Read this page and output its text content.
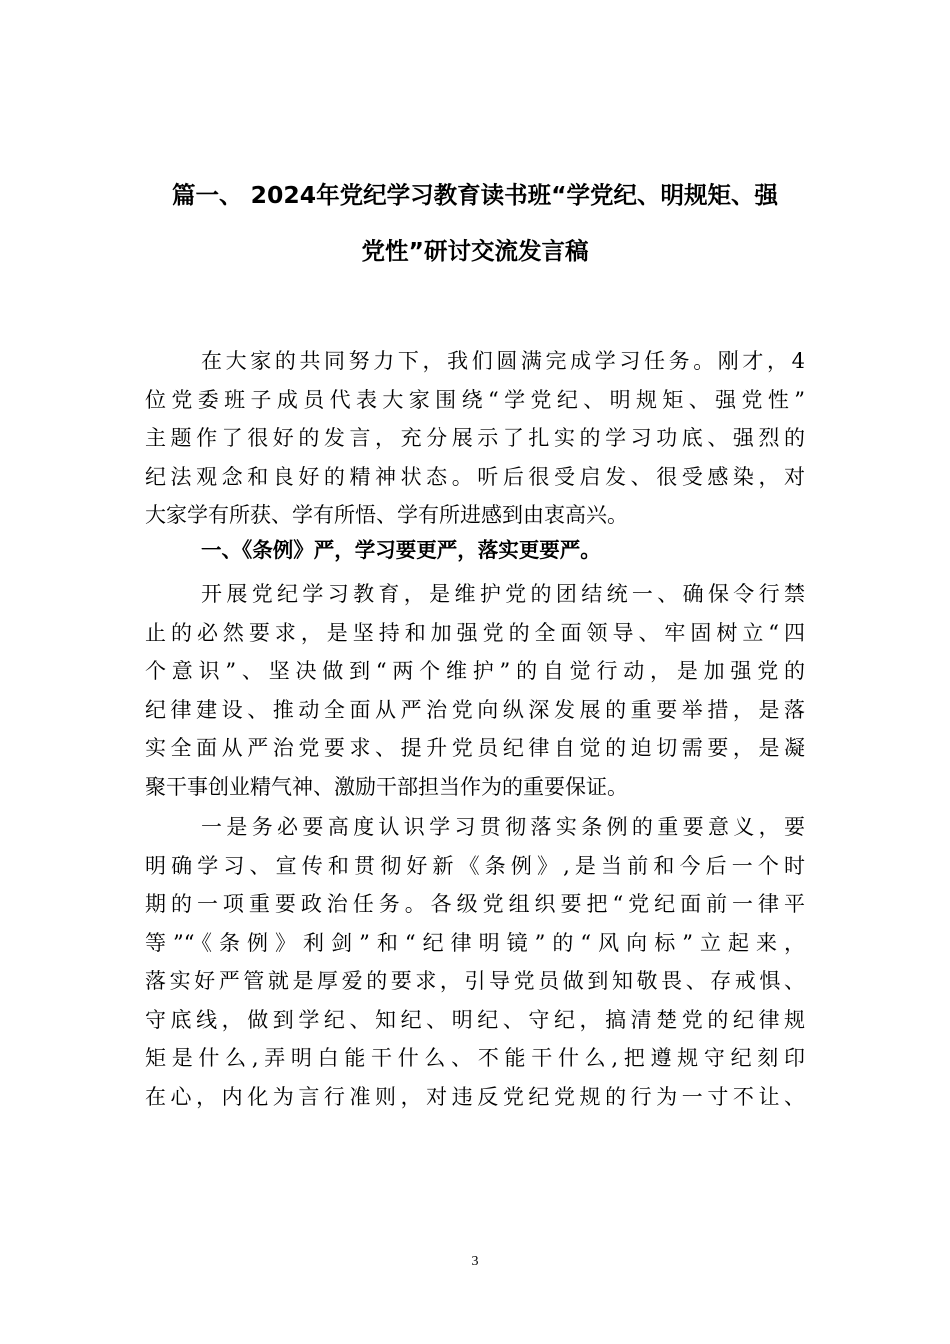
篇一、 2024年党纪学习教育读书班“学党纪、明规矩、强
党性”研讨交流发言稿
在大家的共同努力下，我们圆满完成学习任务。刚才，4
位党委班子成员代表大家围绕“学党纪、明规矩、强党性”
主题作了很好的发言，充分展示了扎实的学习功底、强烈的
纪法观念和良好的精神状态。听后很受启发、很受感染，对
大家学有所获、学有所悟、学有所进感到由衷高兴。
一、《条例》严，学习要更严，落实更要严。
开展党纪学习教育，是维护党的团结统一、确保令行禁
止的必然要求，是坚持和加强党的全面领导、牢固树立“四
个意识”、坚决做到“两个维护”的自觉行动，是加强党的
纪律建设、推动全面从严治党向纵深发展的重要举措，是落
实全面从严治党要求、提升党员纪律自觉的迫切需要，是凝
聚干事创业精气神、激励干部担当作为的重要保证。
一是务必要高度认识学习贯彻落实条例的重要意义，要
明确学习、宣传和贯彻好新《条例》,是当前和今后一个时
期的一项重要政治任务。各级党组织要把“党纪面前一律平
等”“《条例》利剑”和“纪律明镜”的“风向标”立起来，
落实好严管就是厚爱的要求，引导党员做到知敬畏、存戒惧、
守底线，做到学纪、知纪、明纪、守纪，搞清楚党的纪律规
矩是什么,弄明白能干什么、不能干什么,把遵规守纪刻印
在心，内化为言行准则，对违反党纪党规的行为一寸不让、
3
